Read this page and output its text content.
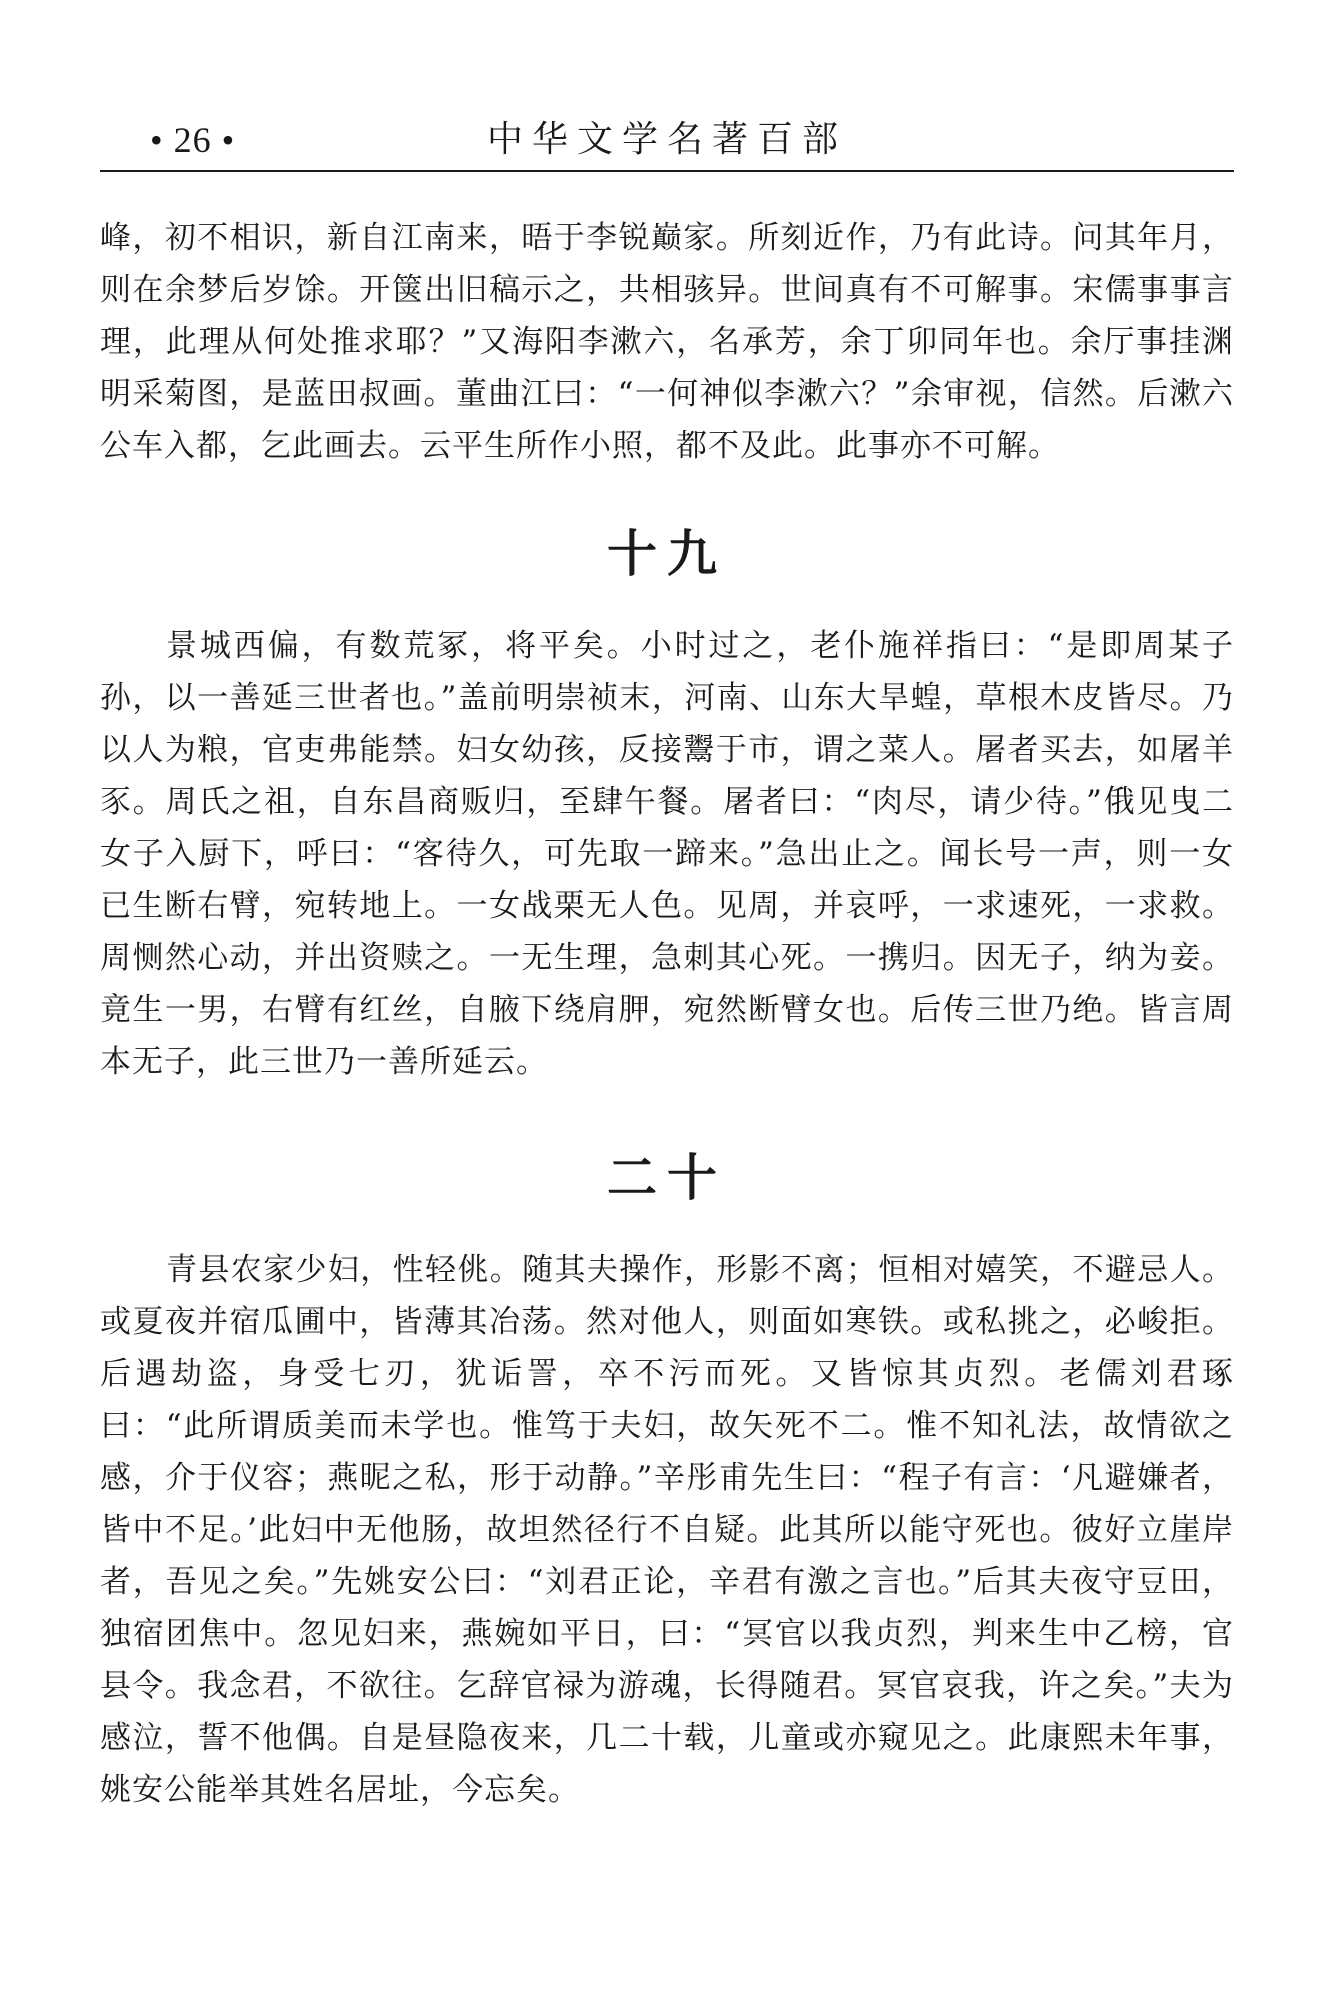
• 26 •	中华文学名著百部

峰，初不相识，新自江南来，晤于李锐巅家。所刻近作，乃有此诗。问其年月，则在余梦后岁馀。开箧出旧稿示之，共相骇异。世间真有不可解事。宋儒事事言理，此理从何处推求耶？”又海阳李漱六，名承芳，余丁卯同年也。余厅事挂渊明采菊图，是蓝田叔画。董曲江曰：“一何神似李漱六？”余审视，信然。后漱六公车入都，乞此画去。云平生所作小照，都不及此。此事亦不可解。

十九

景城西偏，有数荒冢，将平矣。小时过之，老仆施祥指曰：“是即周某子孙，以一善延三世者也。”盖前明崇祯末，河南、山东大旱蝗，草根木皮皆尽。乃以人为粮，官吏弗能禁。妇女幼孩，反接鬻于市，谓之菜人。屠者买去，如屠羊豕。周氏之祖，自东昌商贩归，至肆午餐。屠者曰：“肉尽，请少待。”俄见曳二女子入厨下，呼曰：“客待久，可先取一蹄来。”急出止之。闻长号一声，则一女已生断右臂，宛转地上。一女战栗无人色。见周，并哀呼，一求速死，一求救。周恻然心动，并出资赎之。一无生理，急刺其心死。一携归。因无子，纳为妾。竟生一男，右臂有红丝，自腋下绕肩胛，宛然断臂女也。后传三世乃绝。皆言周本无子，此三世乃一善所延云。

二十

青县农家少妇，性轻佻。随其夫操作，形影不离；恒相对嬉笑，不避忌人。或夏夜并宿瓜圃中，皆薄其冶荡。然对他人，则面如寒铁。或私挑之，必峻拒。后遇劫盗，身受七刃，犹诟詈，卒不污而死。又皆惊其贞烈。老儒刘君琢曰：“此所谓质美而未学也。惟笃于夫妇，故矢死不二。惟不知礼法，故情欲之感，介于仪容；燕昵之私，形于动静。”辛彤甫先生曰：“程子有言：‘凡避嫌者，皆中不足。’此妇中无他肠，故坦然径行不自疑。此其所以能守死也。彼好立崖岸者，吾见之矣。”先姚安公曰：“刘君正论，辛君有激之言也。”后其夫夜守豆田，独宿团焦中。忽见妇来，燕婉如平日，曰：“冥官以我贞烈，判来生中乙榜，官县令。我念君，不欲往。乞辞官禄为游魂，长得随君。冥官哀我，许之矣。”夫为感泣，誓不他偶。自是昼隐夜来，几二十载，儿童或亦窥见之。此康熙未年事，姚安公能举其姓名居址，今忘矣。
